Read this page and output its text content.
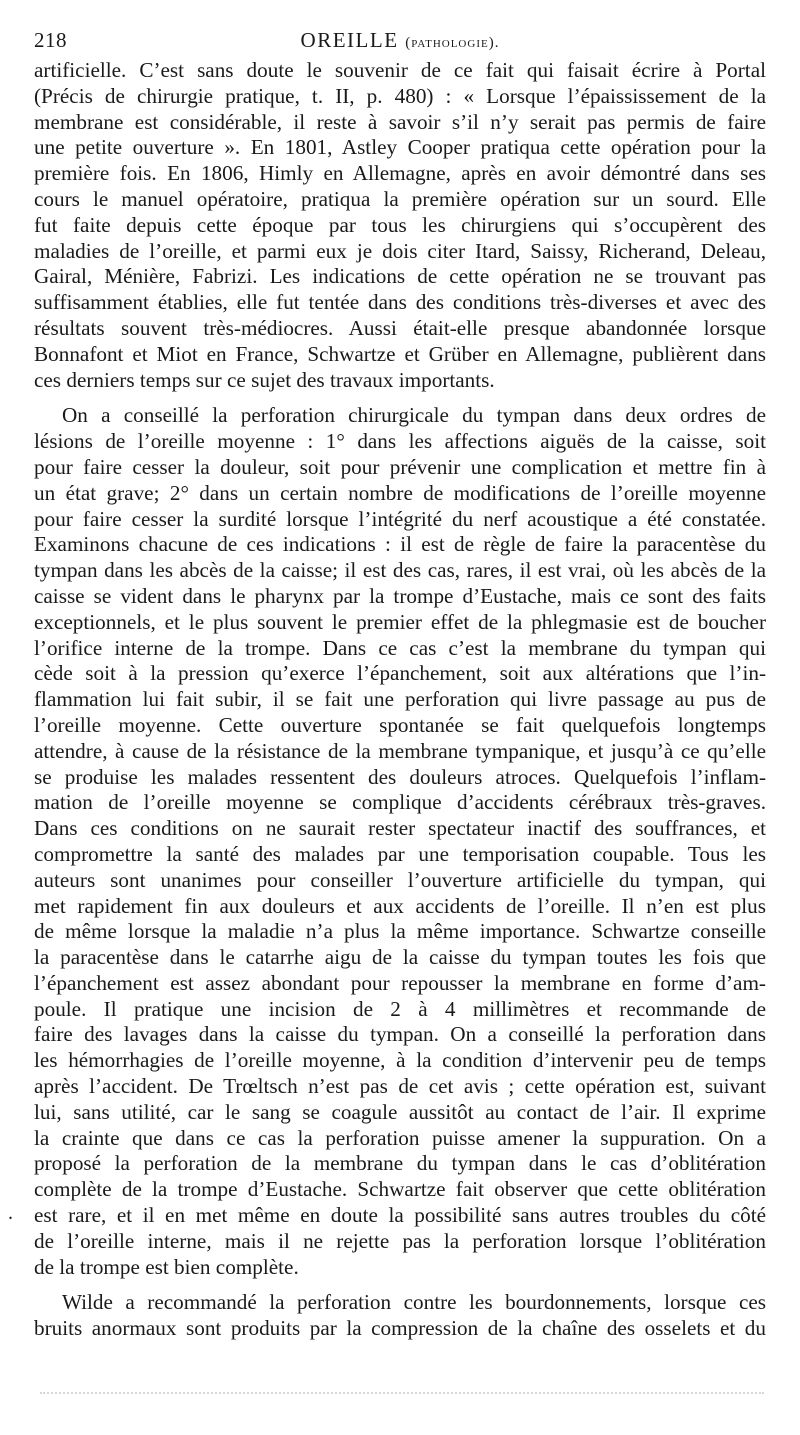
218	OREILLE (pathologie).
artificielle. C’est sans doute le souvenir de ce fait qui faisait écrire à Portal
(Précis de chirurgie pratique, t. II, p. 480) : « Lorsque l’épaississement de la
membrane est considérable, il reste à savoir s’il n’y serait pas permis de faire
une petite ouverture ». En 1801, Astley Cooper pratiqua cette opération pour la
première fois. En 1806, Himly en Allemagne, après en avoir démontré dans ses
cours le manuel opératoire, pratiqua la première opération sur un sourd. Elle
fut faite depuis cette époque par tous les chirurgiens qui s’occupèrent des
maladies de l’oreille, et parmi eux je dois citer Itard, Saissy, Richerand, Deleau,
Gairal, Ménière, Fabrizi. Les indications de cette opération ne se trouvant pas
suffisamment établies, elle fut tentée dans des conditions très-diverses et avec des
résultats souvent très-médiocres. Aussi était-elle presque abandonnée lorsque
Bonnafont et Miot en France, Schwartze et Grüber en Allemagne, publièrent dans
ces derniers temps sur ce sujet des travaux importants.
On a conseillé la perforation chirurgicale du tympan dans deux ordres de
lésions de l’oreille moyenne : 1° dans les affections aiguës de la caisse, soit
pour faire cesser la douleur, soit pour prévenir une complication et mettre fin à
un état grave; 2° dans un certain nombre de modifications de l’oreille moyenne
pour faire cesser la surdité lorsque l’intégrité du nerf acoustique a été constatée.
Examinons chacune de ces indications : il est de règle de faire la paracentèse du
tympan dans les abcès de la caisse; il est des cas, rares, il est vrai, où les abcès de la
caisse se vident dans le pharynx par la trompe d’Eustache, mais ce sont des faits
exceptionnels, et le plus souvent le premier effet de la phlegmasie est de boucher
l’orifice interne de la trompe. Dans ce cas c’est la membrane du tympan qui
cède soit à la pression qu’exerce l’épanchement, soit aux altérations que l’in-
flammation lui fait subir, il se fait une perforation qui livre passage au pus de
l’oreille moyenne. Cette ouverture spontanée se fait quelquefois longtemps
attendre, à cause de la résistance de la membrane tympanique, et jusqu’à ce qu’elle
se produise les malades ressentent des douleurs atroces. Quelquefois l’inflam-
mation de l’oreille moyenne se complique d’accidents cérébraux très-graves.
Dans ces conditions on ne saurait rester spectateur inactif des souffrances, et
compromettre la santé des malades par une temporisation coupable. Tous les
auteurs sont unanimes pour conseiller l’ouverture artificielle du tympan, qui
met rapidement fin aux douleurs et aux accidents de l’oreille. Il n’en est plus
de même lorsque la maladie n’a plus la même importance. Schwartze conseille
la paracentèse dans le catarrhe aigu de la caisse du tympan toutes les fois que
l’épanchement est assez abondant pour repousser la membrane en forme d’am-
poule. Il pratique une incision de 2 à 4 millimètres et recommande de
faire des lavages dans la caisse du tympan. On a conseillé la perforation dans
les hémorrhagies de l’oreille moyenne, à la condition d’intervenir peu de temps
après l’accident. De Trœltsch n’est pas de cet avis ; cette opération est, suivant
lui, sans utilité, car le sang se coagule aussitôt au contact de l’air. Il exprime
la crainte que dans ce cas la perforation puisse amener la suppuration. On a
proposé la perforation de la membrane du tympan dans le cas d’oblitération
complète de la trompe d’Eustache. Schwartze fait observer que cette oblitération
est rare, et il en met même en doute la possibilité sans autres troubles du côté
de l’oreille interne, mais il ne rejette pas la perforation lorsque l’oblitération
de la trompe est bien complète.
Wilde a recommandé la perforation contre les bourdonnements, lorsque ces
bruits anormaux sont produits par la compression de la chaîne des osselets et du
.
